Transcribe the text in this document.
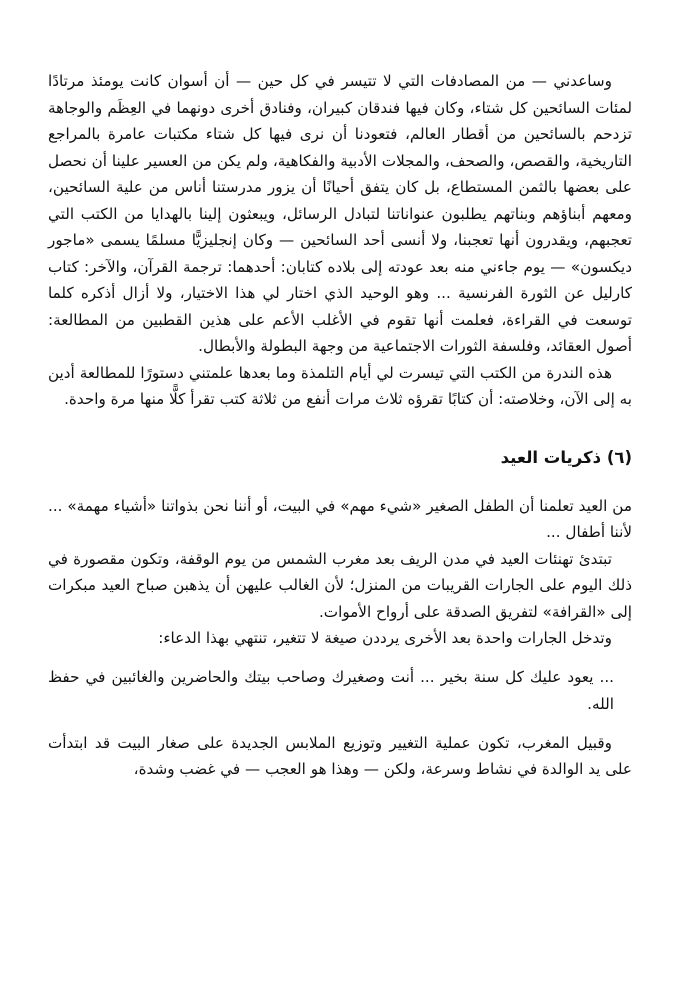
وساعدني — من المصادفات التي لا تتيسر في كل حين — أن أسوان كانت يومئذ مرتادًا لمئات السائحين كل شتاء، وكان فيها فندقان كبيران، وفنادق أخرى دونهما في العِظَم والوجاهة تزدحم بالسائحين من أقطار العالم، فتعودنا أن نرى فيها كل شتاء مكتبات عامرة بالمراجع التاريخية، والقصص، والصحف، والمجلات الأدبية والفكاهية، ولم يكن من العسير علينا أن نحصل على بعضها بالثمن المستطاع، بل كان يتفق أحيانًا أن يزور مدرستنا أناس من علية السائحين، ومعهم أبناؤهم وبناتهم يطلبون عنواناتنا لتبادل الرسائل، ويبعثون إلينا بالهدايا من الكتب التي تعجبهم، ويقدرون أنها تعجبنا، ولا أنسى أحد السائحين — وكان إنجليزيًّا مسلمًا يسمى «ماجور ديكسون» — يوم جاءني منه بعد عودته إلى بلاده كتابان: أحدهما: ترجمة القرآن، والآخر: كتاب كارليل عن الثورة الفرنسية ... وهو الوحيد الذي اختار لي هذا الاختيار، ولا أزال أذكره كلما توسعت في القراءة، فعلمت أنها تقوم في الأغلب الأعم على هذين القطبين من المطالعة: أصول العقائد، وفلسفة الثورات الاجتماعية من وجهة البطولة والأبطال.

هذه الندرة من الكتب التي تيسرت لي أيام التلمذة وما بعدها علمتني دستورًا للمطالعة أدين به إلى الآن، وخلاصته: أن كتابًا تقرؤه ثلاث مرات أنفع من ثلاثة كتب تقرأ كلًّا منها مرة واحدة.

(٦) ذكريات العيد

من العيد تعلمنا أن الطفل الصغير «شيء مهم» في البيت، أو أننا نحن بذواتنا «أشياء مهمة» ... لأننا أطفال ...

تبتدئ تهنئات العيد في مدن الريف بعد مغرب الشمس من يوم الوقفة، وتكون مقصورة في ذلك اليوم على الجارات القريبات من المنزل؛ لأن الغالب عليهن أن يذهبن صباح العيد مبكرات إلى «القرافة» لتفريق الصدقة على أرواح الأموات.

وتدخل الجارات واحدة بعد الأخرى يرددن صيغة لا تتغير، تنتهي بهذا الدعاء:

... يعود عليك كل سنة بخير ... أنت وصغيرك وصاحب بيتك والحاضرين والغائبين في حفظ الله.

وقبيل المغرب، تكون عملية التغيير وتوزيع الملابس الجديدة على صغار البيت قد ابتدأت على يد الوالدة في نشاط وسرعة، ولكن — وهذا هو العجب — في غضب وشدة،
